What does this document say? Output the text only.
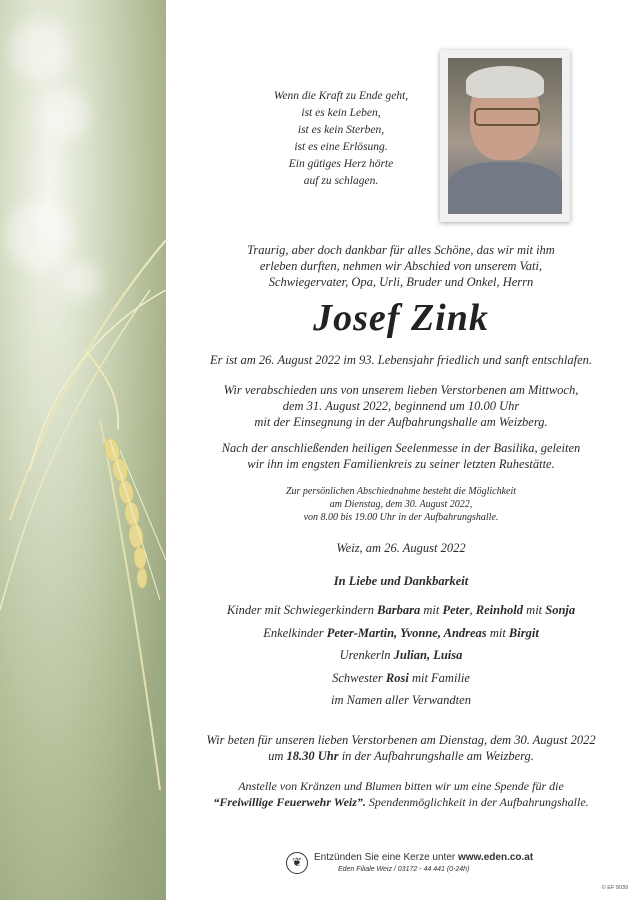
Wenn die Kraft zu Ende geht,
ist es kein Leben,
ist es kein Sterben,
ist es eine Erlösung.
Ein gütiges Herz hörte
auf zu schlagen.
Traurig, aber doch dankbar für alles Schöne, das wir mit ihm
erleben durften, nehmen wir Abschied von unserem Vati,
Schwiegervater, Opa, Urli, Bruder und Onkel, Herrn
Josef Zink
Er ist am 26. August 2022 im 93. Lebensjahr friedlich und sanft entschlafen.
Wir verabschieden uns von unserem lieben Verstorbenen am Mittwoch,
dem 31. August 2022, beginnend um 10.00 Uhr
mit der Einsegnung in der Aufbahrungshalle am Weizberg.
Nach der anschließenden heiligen Seelenmesse in der Basilika, geleiten
wir ihn im engsten Familienkreis zu seiner letzten Ruhestätte.
Zur persönlichen Abschiednahme besteht die Möglichkeit
am Dienstag, dem 30. August 2022,
von 8.00 bis 19.00 Uhr in der Aufbahrungshalle.
Weiz, am 26. August 2022
In Liebe und Dankbarkeit
Kinder mit Schwiegerkindern Barbara mit Peter, Reinhold mit Sonja
Enkelkinder Peter-Martin, Yvonne, Andreas mit Birgit
Urenkerln Julian, Luisa
Schwester Rosi mit Familie
im Namen aller Verwandten
Wir beten für unseren lieben Verstorbenen am Dienstag, dem 30. August 2022
um 18.30 Uhr in der Aufbahrungshalle am Weizberg.
Anstelle von Kränzen und Blumen bitten wir um eine Spende für die
“Freiwillige Feuerwehr Weiz”. Spendenmöglichkeit in der Aufbahrungshalle.
❦	Entzünden Sie eine Kerze unter www.eden.co.at
Eden Filiale Weiz / 03172 - 44 441 (0-24h)
© EF 9039
